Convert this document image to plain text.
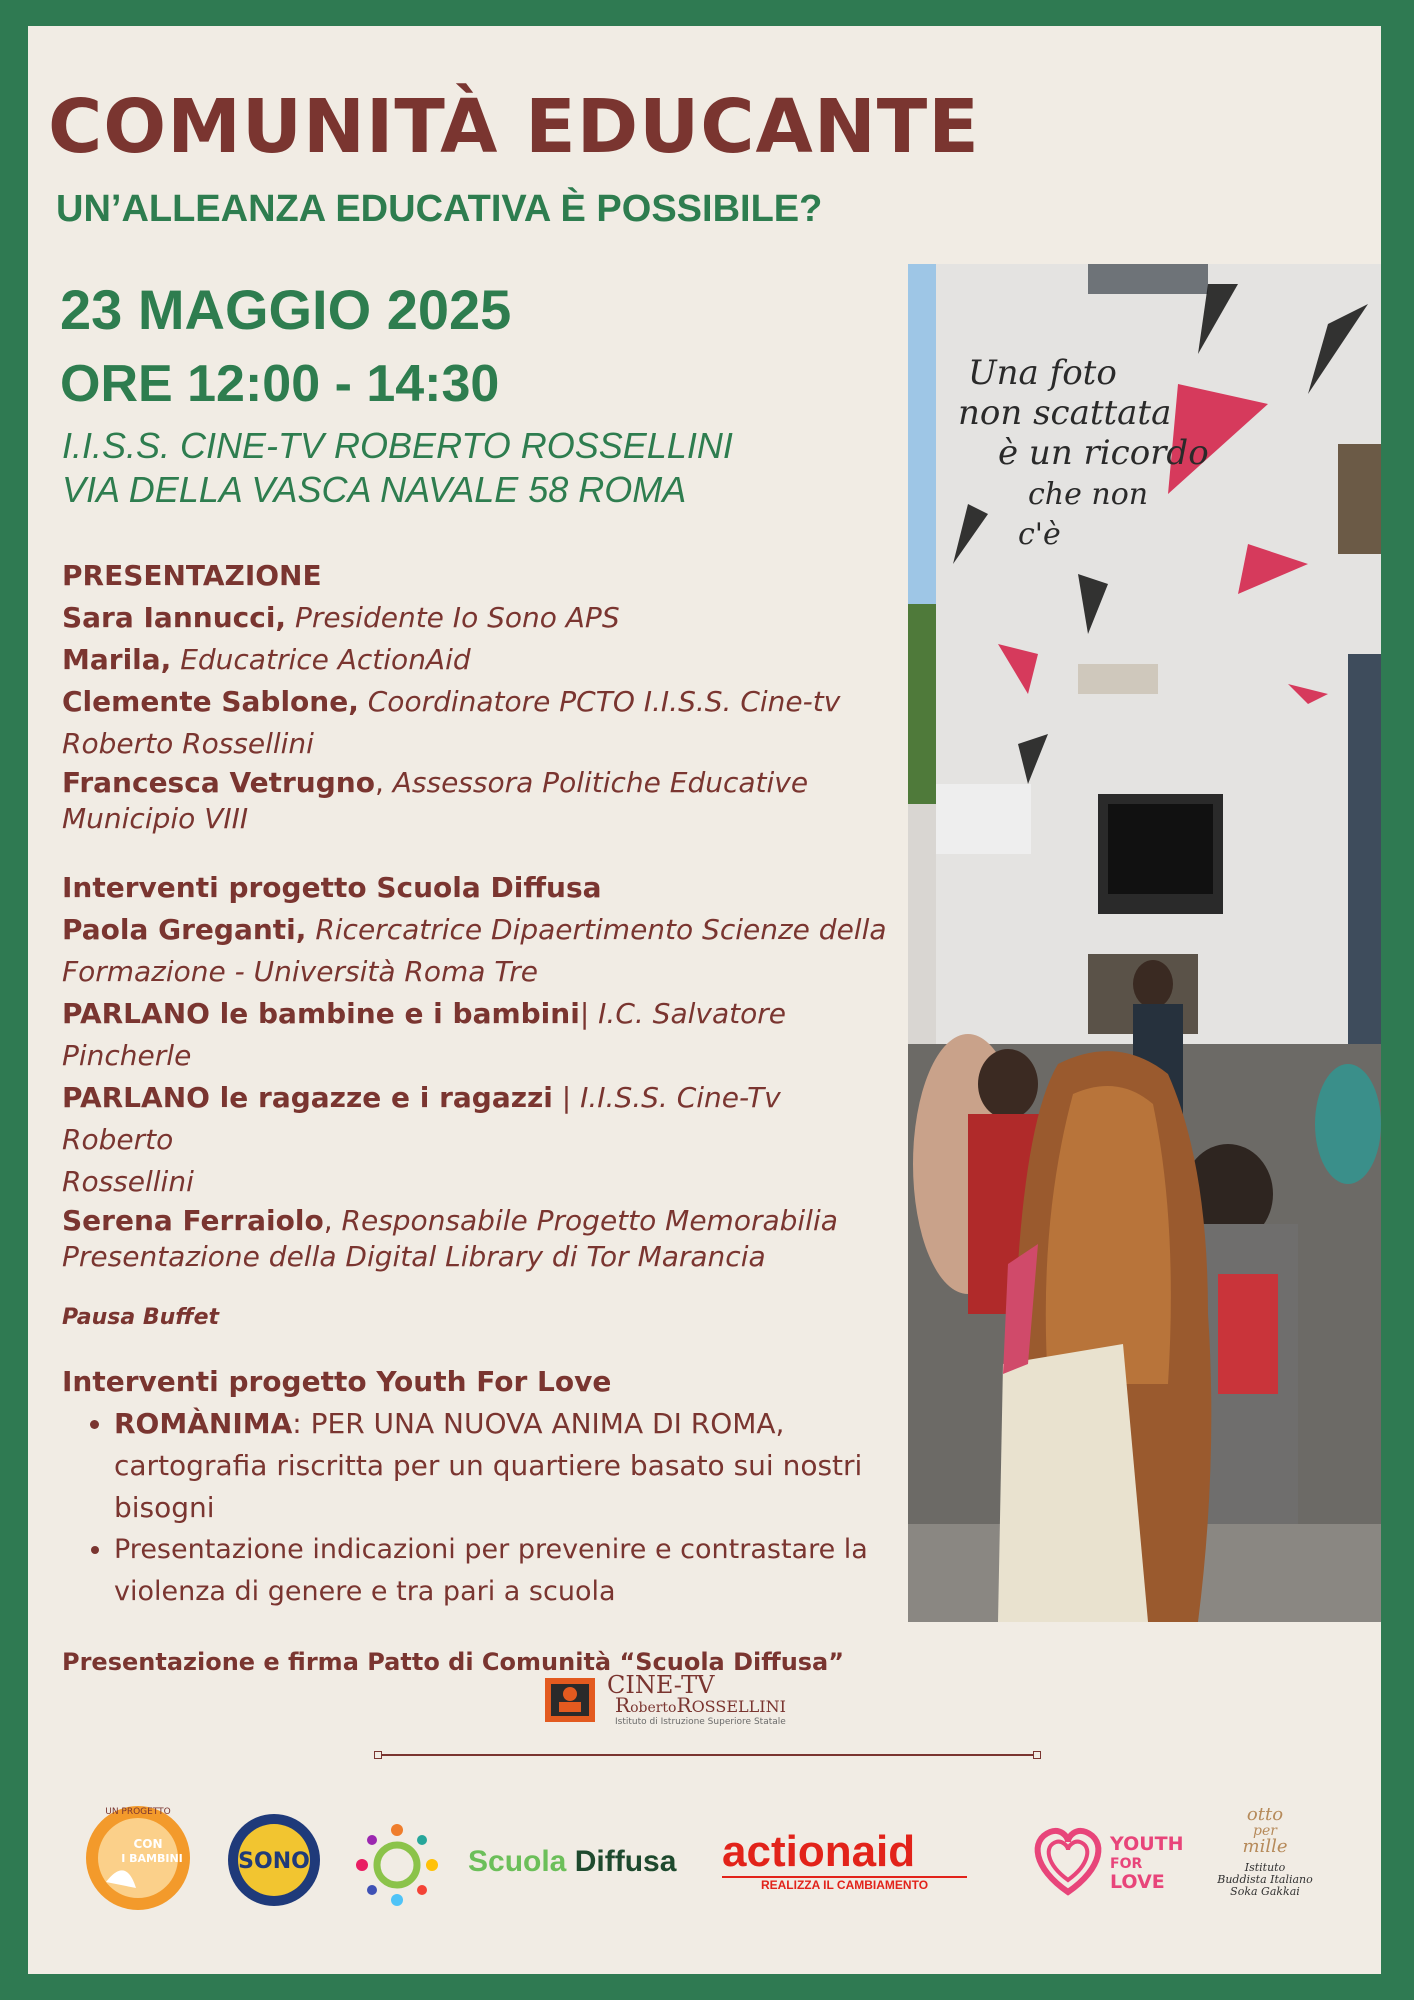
COMUNITÀ EDUCANTE
UN’ALLEANZA EDUCATIVA È POSSIBILE?
23 MAGGIO 2025
ORE 12:00 - 14:30
I.I.S.S. CINE-TV ROBERTO ROSSELLINI
VIA DELLA VASCA NAVALE 58 ROMA

PRESENTAZIONE

Sara Iannucci, Presidente Io Sono APS

Marila, Educatrice ActionAid

Clemente Sablone, Coordinatore PCTO I.I.S.S. Cine-tv

Roberto Rossellini

Francesca Vetrugno, Assessora Politiche Educative

Municipio VIII

Interventi progetto Scuola Diffusa

Paola Greganti, Ricercatrice Dipaertimento Scienze della

Formazione - Università Roma Tre

PARLANO le bambine e i bambini| I.C. Salvatore

Pincherle

PARLANO le ragazze e i ragazzi | I.I.S.S. Cine-Tv Roberto

Rossellini

Serena Ferraiolo, Responsabile Progetto Memorabilia

Presentazione della Digital Library di Tor Marancia

Pausa Buffet

Interventi progetto Youth For Love

• ROMÀNIMA: PER UNA NUOVA ANIMA DI ROMA, cartografia riscritta per un quartiere basato sui nostri bisogni
• Presentazione indicazioni per prevenire e contrastare la violenza di genere e tra pari a scuola

Presentazione e firma Patto di Comunità “Scuola Diffusa”

Una foto
non scattata
è un ricordo
che non
c'è
CINE-TV
RobertoROSSELLINI
Istituto di Istruzione Superiore Statale
UN PROGETTO
CON
I BAMBINI	SONO	Scuola Diffusa actionaid
REALIZZA IL CAMBIAMENTO
YOUTH
FOR
LOVE
otto
per
mille
Istituto
Buddista Italiano
Soka Gakkai
